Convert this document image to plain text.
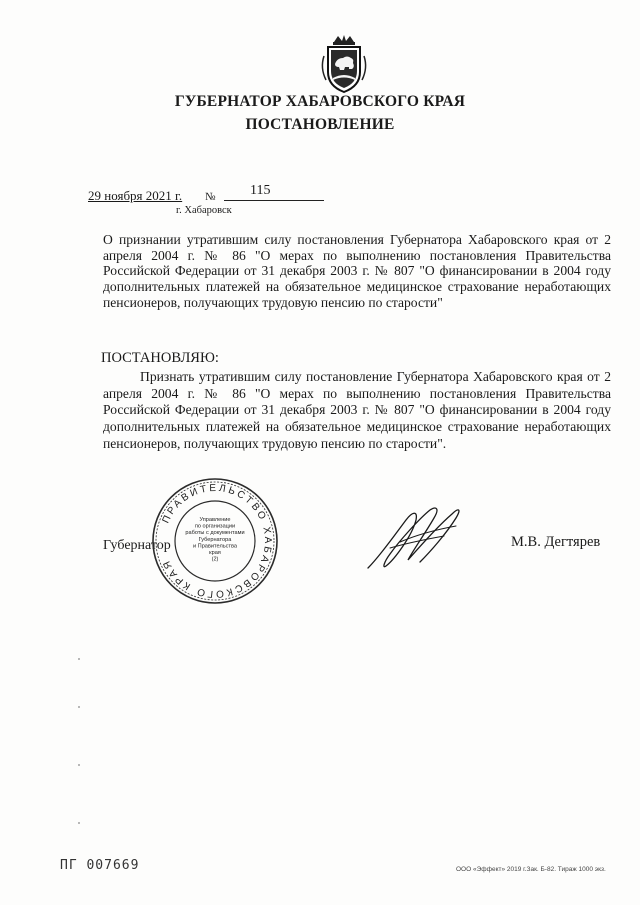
ГУБЕРНАТОР ХАБАРОВСКОГО КРАЯ
ПОСТАНОВЛЕНИЕ
29 ноября 2021 г. №	115
г. Хабаровск
О признании утратившим силу постановления Губернатора Хабаровского края от 2 апреля 2004 г. № 86 "О мерах по выполнению постановления Правительства Российской Федерации от 31 декабря 2003 г. № 807 "О финансировании в 2004 году дополнительных платежей на обязательное медицинское страхование неработающих пенсионеров, получающих трудовую пенсию по старости"
ПОСТАНОВЛЯЮ:
Признать утратившим силу постановление Губернатора Хабаровского края от 2 апреля 2004 г. № 86 "О мерах по выполнению постановления Правительства Российской Федерации от 31 декабря 2003 г. № 807 "О финансировании в 2004 году дополнительных платежей на обязательное медицинское страхование неработающих пенсионеров, получающих трудовую пенсию по старости".
Губернатор	М.В. Дегтярев
ПРАВИТЕЛЬСТВО ХАБАРОВСКОГО КРАЯ
Управление
по организации
работы с документами
Губернатора
и Правительства
края
(2)
ПГ 007669	ООО «Эффект» 2019 г.Зак. Б-82. Тираж 1000 экз.
